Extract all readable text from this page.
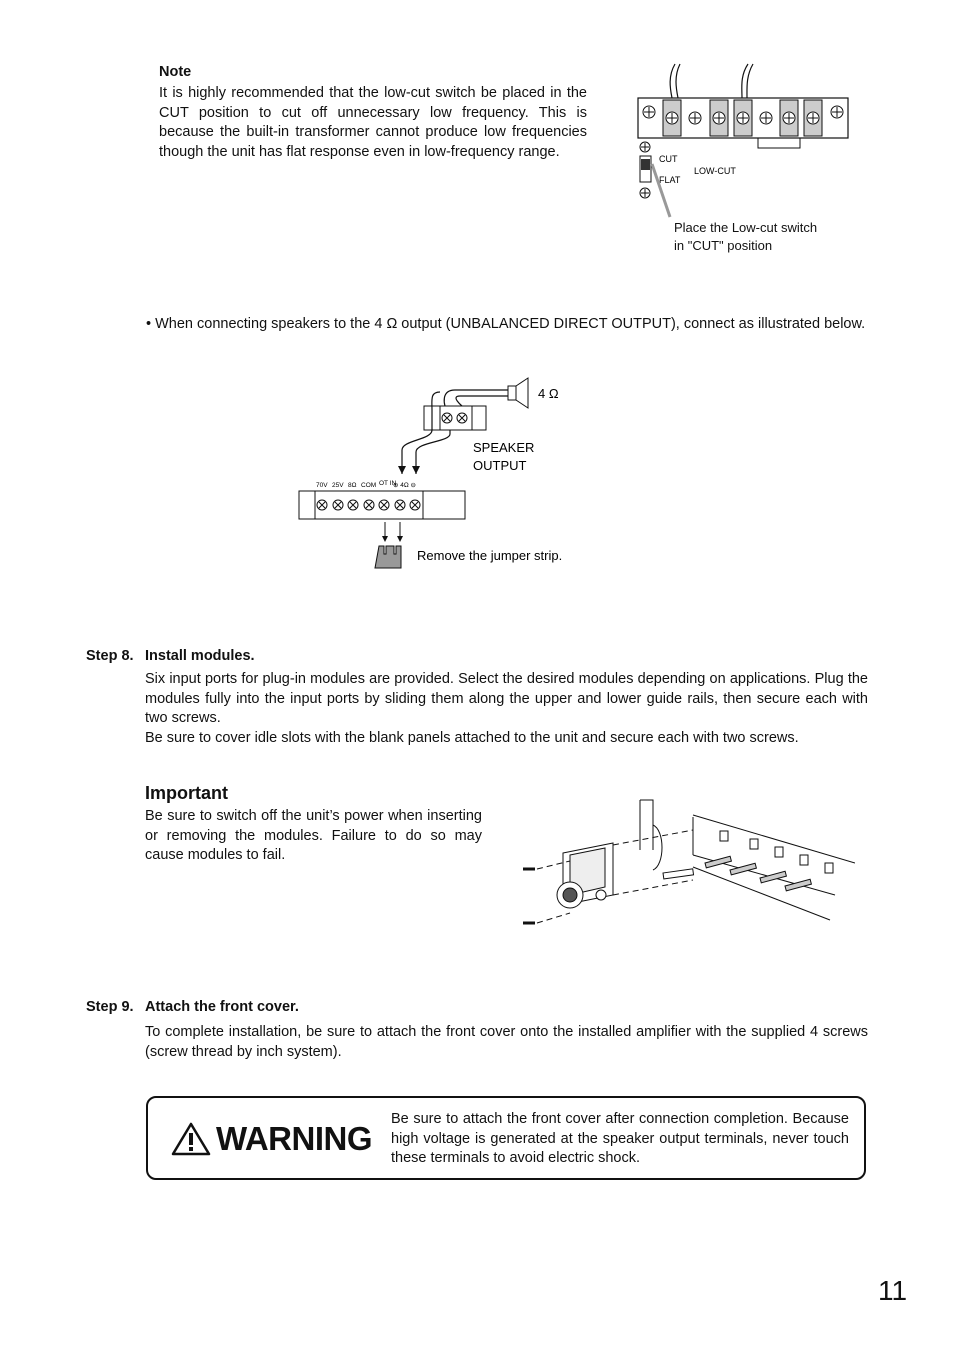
Note
It is highly recommended that the low-cut switch be placed in the CUT position to cut off unnecessary low frequency. This is because the built-in transformer cannot produce low frequencies though the unit has flat response even in low-frequency range.	CUT
FLAT
LOW-CUT
Place the Low-cut switch
in "CUT" position
• When connecting speakers to the 4 Ω output (UNBALANCED DIRECT OUTPUT), connect as illustrated below.
4 Ω
SPEAKER
OUTPUT
70V 25V 8Ω COM OT IN
⊕ 4Ω ⊖
Remove the jumper strip.
Step 8. Install modules.
Six input ports for plug-in modules are provided. Select the desired modules depending on applications. Plug the modules fully into the input ports by sliding them along the upper and lower guide rails, then secure each with two screws.
Be sure to cover idle slots with the blank panels attached to the unit and secure each with two screws.
Important
Be sure to switch off the unit’s power when inserting or removing the modules. Failure to do so may cause modules to fail.
Step 9. Attach the front cover.
To complete installation, be sure to attach the front cover onto the installed amplifier with the supplied 4 screws (screw thread by inch system).
WARNING
Be sure to attach the front cover after connection completion. Because high voltage is generated at the speaker output terminals, never touch these terminals to avoid electric shock.
11
